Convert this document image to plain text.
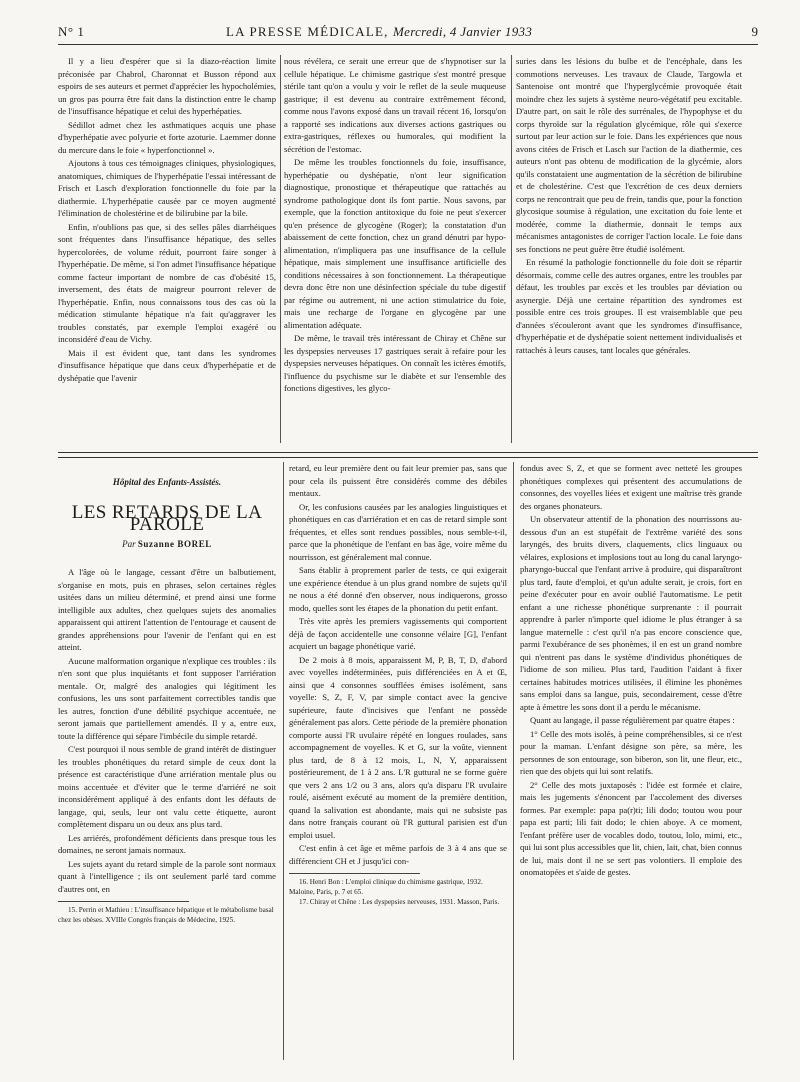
N° 1	LA PRESSE MÉDICALE, Mercredi, 4 Janvier 1933	9

Il y a lieu d'espérer que si la diazo-réaction limite préconisée par Chabrol, Charonnat et Busson répond aux espoirs de ses auteurs et permet d'apprécier les hypocholémies, un gros pas pourra être fait dans la distinction entre le champ de l'insuffisance hépatique et celui des hyperhépaties.

Sédillot admet chez les asthmatiques acquis une phase d'hyperhépatie avec polyurie et forte azoturie. Laemmer donne du mercure dans le foie « hyperfonctionnel ».

Ajoutons à tous ces témoignages cliniques, physiologiques, anatomiques, chimiques de l'hyperhépatie l'essai intéressant de Frisch et Lasch d'exploration fonctionnelle du foie par la diathermie. L'hyperhépatie causée par ce moyen augmenté l'élimination de cholestérine et de bilirubine par la bile.

Enfin, n'oublions pas que, si des selles pâles diarrhéiques sont fréquentes dans l'insuffisance hépatique, des selles hypercolorées, de volume réduit, pourront faire songer à l'hyperhépatie. De même, si l'on admet l'insuffisance hépatique comme facteur important de nombre de cas d'obésité 15, inversement, des états de maigreur pourront relever de l'hyperhépatie. Enfin, nous connaissons tous des cas où la médication stimulante hépatique n'a fait qu'aggraver les troubles constatés, par exemple l'emploi exagéré ou inconsidéré d'eau de Vichy.

Mais il est évident que, tant dans les syndromes d'insuffisance hépatique que dans ceux d'hyperhépatie et de dyshépatie que l'avenir

nous révélera, ce serait une erreur que de s'hypnotiser sur la cellule hépatique. Le chimisme gastrique s'est montré presque stérile tant qu'on a voulu y voir le reflet de la seule muqueuse gastrique; il est devenu au contraire extrêmement fécond, comme nous l'avons exposé dans un travail récent 16, lorsqu'on a rapporté ses indications aux diverses actions gastriques ou extra-gastriques, réflexes ou humorales, qui modifient la sécrétion de l'estomac.

De même les troubles fonctionnels du foie, insuffisance, hyperhépatie ou dyshépatie, n'ont leur signification diagnostique, pronostique et thérapeutique que rattachés au syndrome pathologique dont ils font partie. Nous savons, par exemple, que la fonction antitoxique du foie ne peut s'exercer qu'en présence de glycogène (Roger); la constatation d'un abaissement de cette fonction, chez un grand dénutri par hypo-alimentation, n'impliquera pas une insuffisance de la cellule hépatique, mais simplement une insuffisance artificielle des conditions nécessaires à son fonctionnement. La thérapeutique devra donc être non une désinfection spéciale du tube digestif par régime ou autrement, ni une action stimulatrice du foie, mais une recharge de l'organe en glycogène par une alimentation adéquate.

De même, le travail très intéressant de Chiray et Chêne sur les dyspepsies nerveuses 17 gastriques serait à refaire pour les dyspepsies nerveuses hépatiques. On connaît les ictères émotifs, l'influence du psychisme sur le diabète et sur l'ensemble des fonctions digestives, les glyco-

suries dans les lésions du bulbe et de l'encéphale, dans les commotions nerveuses. Les travaux de Claude, Targowla et Santenoise ont montré que l'hyperglycémie provoquée était moindre chez les sujets à système neuro-végétatif peu excitable. D'autre part, on sait le rôle des surrénales, de l'hypophyse et du corps thyroïde sur la régulation glycémique, rôle qui s'exerce surtout par leur action sur le foie. Dans les expériences que nous avons citées de Frisch et Lasch sur l'action de la diathermie, ces auteurs n'ont pas obtenu de modification de la glycémie, alors qu'ils constataient une augmentation de la sécrétion de bilirubine et de cholestérine. C'est que l'excrétion de ces deux derniers corps ne rencontrait que peu de frein, tandis que, pour la fonction glycosique soumise à régulation, une excitation du foie lente et modérée, comme la diathermie, donnait le temps aux mécanismes antagonistes de corriger l'action locale. Le foie dans ses fonctions ne peut guère être étudié isolément.

En résumé la pathologie fonctionnelle du foie doit se répartir désormais, comme celle des autres organes, entre les troubles par défaut, les troubles par excès et les troubles par déviation ou asynergie. Déjà une certaine répartition des syndromes est possible entre ces trois groupes. Il est vraisemblable que peu d'années s'écouleront avant que les syndromes d'insuffisance, d'hyperhépatie et de dyshépatie soient nettement individualisés et rattachés à leurs causes, tant locales que générales.

Hôpital des Enfants-Assistés.
LES RETARDS DE LA PAROLE
Par Suzanne BOREL

A l'âge où le langage, cessant d'être un balbutiement, s'organise en mots, puis en phrases, selon certaines règles usitées dans un milieu déterminé, et prend ainsi une forme intelligible aux adultes, chez quelques sujets des anomalies apparaissent qui attirent l'attention de l'entourage et causent de grandes appréhensions pour l'avenir de l'enfant qui en est atteint.

Aucune malformation organique n'explique ces troubles : ils n'en sont que plus inquiétants et font supposer l'arriération mentale. Or, malgré des analogies qui légitiment les confusions, les uns sont parfaitement correctibles tandis que les autres, fonction d'une débilité psychique accentuée, ne seront jamais que partiellement amendés. Il y a, entre eux, toute la différence qui sépare l'imbécile du simple retardé.

C'est pourquoi il nous semble de grand intérêt de distinguer les troubles phonétiques du retard simple de ceux dont la présence est caractéristique d'une arriération mentale plus ou moins accentuée et d'éviter que le terme d'arriéré ne soit inconsidérément appliqué à des enfants dont les défauts de langage, qui, seuls, leur ont valu cette étiquette, auront complètement disparu un ou deux ans plus tard.

Les arriérés, profondément déficients dans presque tous les domaines, ne seront jamais normaux.

Les sujets ayant du retard simple de la parole sont normaux quant à l'intelligence ; ils ont seulement parlé tard comme d'autres ont, en

15. Perrin et Mathieu : L'insuffisance hépatique et le métabolisme basal chez les obèses. XVIIIe Congrès français de Médecine, 1925.

retard, eu leur première dent ou fait leur premier pas, sans que pour cela ils puissent être considérés comme des débiles mentaux.

Or, les confusions causées par les analogies linguistiques et phonétiques en cas d'arriération et en cas de retard simple sont fréquentes, et elles sont rendues possibles, nous semble-t-il, parce que la phonétique de l'enfant en bas âge, voire même du nourrisson, est généralement mal connue.

Sans établir à proprement parler de tests, ce qui exigerait une expérience étendue à un plus grand nombre de sujets qu'il ne nous a été donné d'en observer, nous indiquerons, grosso modo, quelles sont les étapes de la phonation du petit enfant.

Très vite après les premiers vagissements qui comportent déjà de façon accidentelle une consonne vélaire [G], l'enfant acquiert un bagage phonétique varié.

De 2 mois à 8 mois, apparaissent M, P, B, T, D, d'abord avec voyelles indéterminées, puis différenciées en A et Œ, ainsi que 4 consonnes soufflées émises isolément, sans voyelle: S, Z, F, V, par simple contact avec la gencive supérieure, faute d'incisives que l'enfant ne possède généralement pas alors. Cette période de la première phonation comporte aussi l'R uvulaire répété en longues roulades, sans accompagnement de voyelles. K et G, sur la voûte, viennent plus tard, de 8 à 12 mois, L, N, Y, apparaissent postérieurement, de 1 à 2 ans. L'R guttural ne se forme guère que vers 2 ans 1/2 ou 3 ans, alors qu'a disparu l'R uvulaire roulé, aisément exécuté au moment de la première dentition, quand la salivation est abondante, mais qui ne subsiste pas dans notre français courant où l'R guttural parisien est d'un emploi usuel.

C'est enfin à cet âge et même parfois de 3 à 4 ans que se différencient CH et J jusqu'ici con-

16. Henri Bon : L'emploi clinique du chimisme gastrique, 1932. Maloine, Paris, p. 7 et 65.

17. Chiray et Chêne : Les dyspepsies nerveuses, 1931. Masson, Paris.

fondus avec S, Z, et que se forment avec netteté les groupes phonétiques complexes qui présentent des accumulations de consonnes, des voyelles liées et exigent une maîtrise très grande des organes phonateurs.

Un observateur attentif de la phonation des nourrissons au-dessous d'un an est stupéfait de l'extrême variété des sons laryngés, des bruits divers, claquements, clics linguaux ou vélaires, explosions et implosions tout au long du canal laryngo-pharyngo-buccal que l'enfant arrive à produire, qui disparaîtront plus tard, faute d'emploi, et qu'un adulte serait, je crois, fort en peine d'exécuter pour en avoir oublié l'automatisme. Le petit enfant a une richesse phonétique surprenante : il pourrait apprendre à parler n'importe quel idiome le plus étranger à sa langue maternelle : c'est qu'il n'a pas encore conscience que, parmi l'exubérance de ses phonèmes, il en est un grand nombre qui n'entrent pas dans le système d'individus phonétiques de l'idiome de son milieu. Plus tard, l'audition l'aidant à fixer certaines habitudes motrices utilisées, il élimine les phonèmes sans emploi dans sa langue, puis, secondairement, cesse d'être apte à émettre les sons dont il a perdu le mécanisme.

Quant au langage, il passe régulièrement par quatre étapes :

1° Celle des mots isolés, à peine compréhensibles, si ce n'est pour la maman. L'enfant désigne son père, sa mère, les personnes de son entourage, son biberon, son lit, une fleur, etc., rien que des objets qui lui sont relatifs.

2° Celle des mots juxtaposés : l'idée est formée et claire, mais les jugements s'énoncent par l'accolement des diverses formes. Par exemple: papa pa(r)ti; lili dodo; toutou wou pour papa est parti; lili fait dodo; le chien aboye. A ce moment, l'enfant préfère user de vocables dodo, toutou, lolo, mimi, etc., qui lui sont plus accessibles que lit, chien, lait, chat, bien connus de lui, mais dont il ne se sert pas volontiers. Il emploie des onomatopées et s'aide de gestes.
